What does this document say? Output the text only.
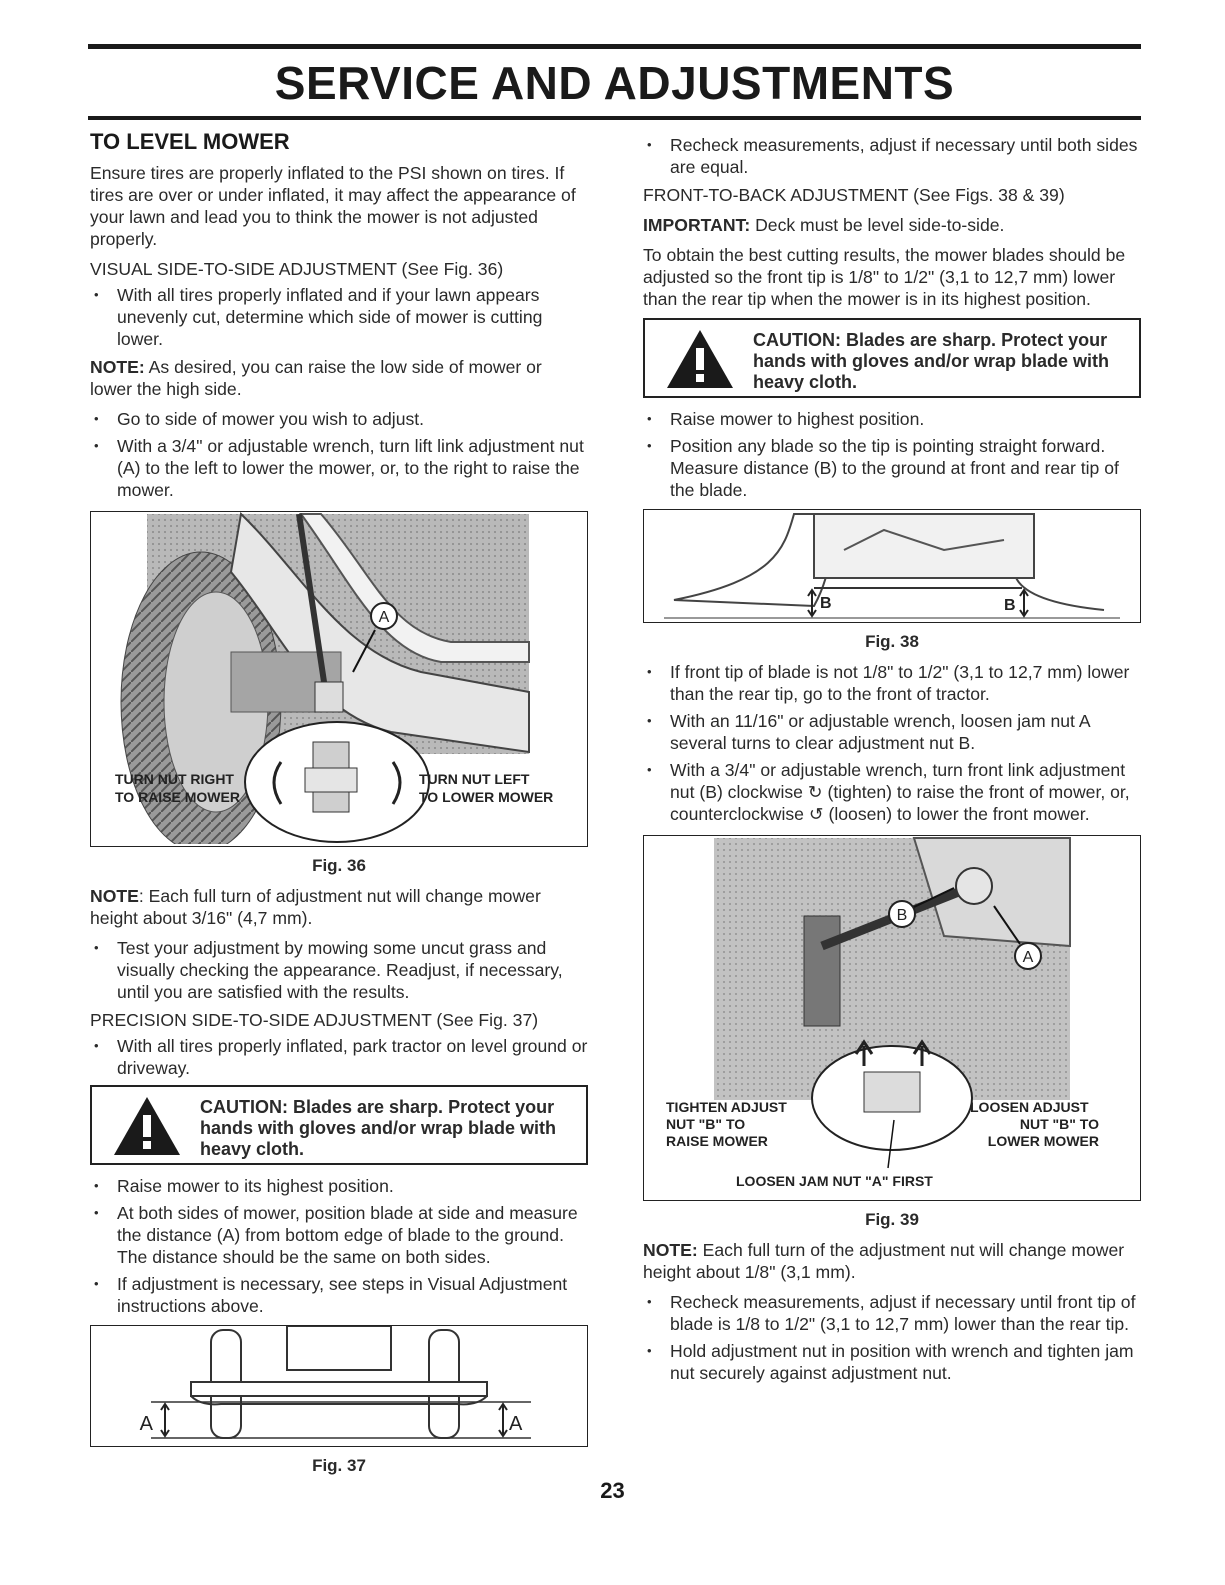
SERVICE AND ADJUSTMENTS
TO LEVEL MOWER

Ensure tires are properly inflated to the PSI shown on tires. If tires are over or under inflated, it may affect the appearance of your lawn and lead you to think the mower is not adjusted properly.

VISUAL SIDE-TO-SIDE ADJUSTMENT (See Fig. 36)

• With all tires properly inflated and if your lawn appears unevenly cut, determine which side of mower is cutting lower.

NOTE: As desired, you can raise the low side of mower or lower the high side.

• Go to side of mower you wish to adjust.
• With a 3/4" or adjustable wrench, turn lift link adjustment nut (A) to the left to lower the mower, or, to the right to raise the mower.
A
TURN NUT RIGHT
TO RAISE MOWER
TURN NUT LEFT
TO LOWER MOWER
Fig. 36

NOTE: Each full turn of adjustment nut will change mower height about 3/16" (4,7 mm).

• Test your adjustment by mowing some uncut grass and visually checking the appearance. Readjust, if necessary, until you are satisfied with the results.

PRECISION SIDE-TO-SIDE ADJUSTMENT (See Fig. 37)

• With all tires properly inflated, park tractor on level ground or driveway.
CAUTION: Blades are sharp. Protect your hands with gloves and/or wrap blade with heavy cloth.
• Raise mower to its highest position.
• At both sides of mower, position blade at side and measure the distance (A) from bottom edge of blade to the ground. The distance should be the same on both sides.
• If adjustment is necessary, see steps in Visual Adjustment instructions above.
A	A
Fig. 37
• Recheck measurements, adjust if necessary until both sides are equal.

FRONT-TO-BACK ADJUSTMENT (See Figs. 38 & 39)

IMPORTANT: Deck must be level side-to-side.

To obtain the best cutting results, the mower blades should be adjusted so the front tip is 1/8" to 1/2" (3,1 to 12,7 mm) lower than the rear tip when the mower is in its highest position.

CAUTION: Blades are sharp. Protect your hands with gloves and/or wrap blade with heavy cloth.
• Raise mower to highest position.
• Position any blade so the tip is pointing straight forward. Measure distance (B) to the ground at front and rear tip of the blade.
B	B
Fig. 38
• If front tip of blade is not 1/8" to 1/2" (3,1 to 12,7 mm) lower than the rear tip, go to the front of tractor.
• With an 11/16" or adjustable wrench, loosen jam nut A several turns to clear adjustment nut B.
• With a 3/4" or adjustable wrench, turn front link adjustment nut (B) clockwise ↻ (tighten) to raise the front of mower, or, counterclockwise ↺ (loosen) to lower the front mower.
B
A
TIGHTEN ADJUST
NUT "B" TO
RAISE MOWER
LOOSEN ADJUST
NUT "B" TO
LOWER MOWER
LOOSEN JAM NUT "A" FIRST
Fig. 39

NOTE: Each full turn of the adjustment nut will change mower height about 1/8" (3,1 mm).

• Recheck measurements, adjust if necessary until front tip of blade is 1/8 to 1/2" (3,1 to 12,7 mm) lower than the rear tip.
• Hold adjustment nut in position with wrench and tighten jam nut securely against adjustment nut.
23
